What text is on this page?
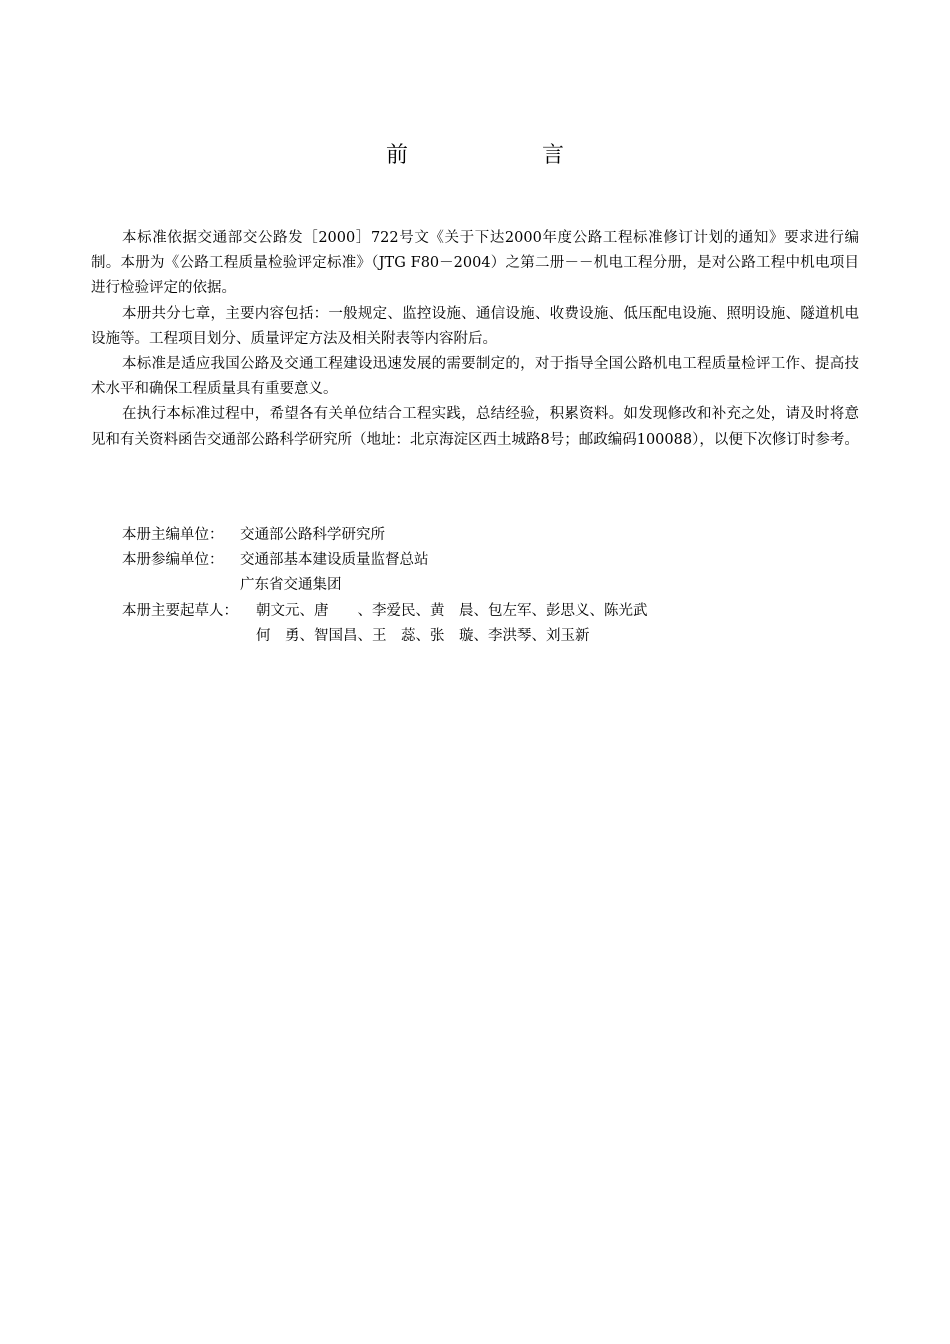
前　言

本标准依据交通部交公路发［2000］722号文《关于下达2000年度公路工程标准修订计划的通知》要求进行编制。本册为《公路工程质量检验评定标准》（JTG F80－2004）之第二册－－机电工程分册，是对公路工程中机电项目进行检验评定的依据。

本册共分七章，主要内容包括：一般规定、监控设施、通信设施、收费设施、低压配电设施、照明设施、隧道机电设施等。工程项目划分、质量评定方法及相关附表等内容附后。

本标准是适应我国公路及交通工程建设迅速发展的需要制定的，对于指导全国公路机电工程质量检评工作、提高技术水平和确保工程质量具有重要意义。

在执行本标准过程中，希望各有关单位结合工程实践，总结经验，积累资料。如发现修改和补充之处，请及时将意见和有关资料函告交通部公路科学研究所（地址：北京海淀区西土城路8号；邮政编码100088），以便下次修订时参考。

本册主编单位：	交通部公路科学研究所
本册参编单位：	交通部基本建设质量监督总站
广东省交通集团
本册主要起草人：	朝文元、唐　　、李爱民、黄　晨、包左军、彭思义、陈光武
何　勇、智国昌、王　蕊、张　璇、李洪琴、刘玉新
